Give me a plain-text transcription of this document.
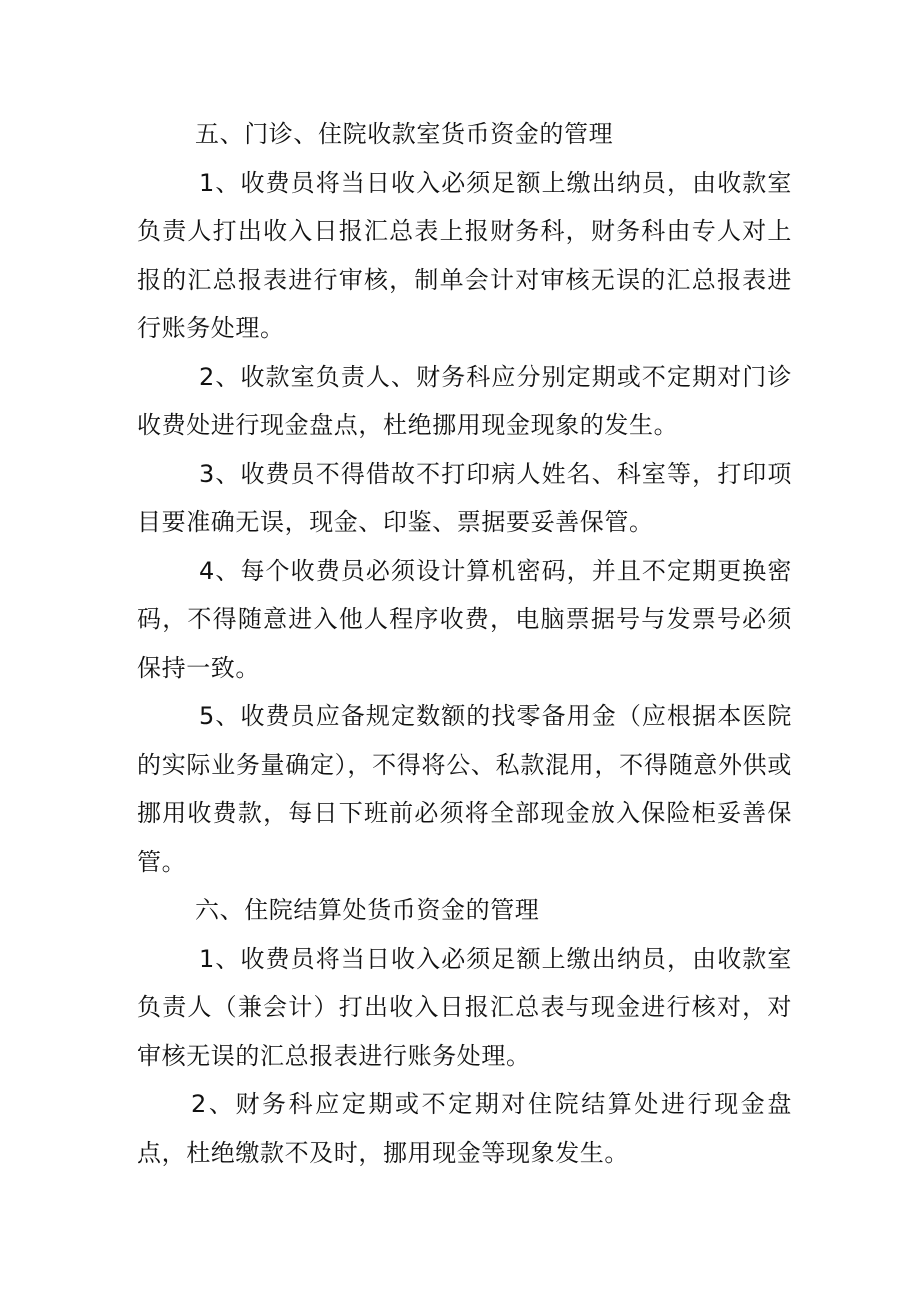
五、门诊、住院收款室货币资金的管理

1、收费员将当日收入必须足额上缴出纳员，由收款室负责人打出收入日报汇总表上报财务科，财务科由专人对上报的汇总报表进行审核，制单会计对审核无误的汇总报表进行账务处理。

2、收款室负责人、财务科应分别定期或不定期对门诊收费处进行现金盘点，杜绝挪用现金现象的发生。

3、收费员不得借故不打印病人姓名、科室等，打印项目要准确无误，现金、印鉴、票据要妥善保管。

4、每个收费员必须设计算机密码，并且不定期更换密码，不得随意进入他人程序收费，电脑票据号与发票号必须保持一致。

5、收费员应备规定数额的找零备用金（应根据本医院的实际业务量确定），不得将公、私款混用，不得随意外供或挪用收费款，每日下班前必须将全部现金放入保险柜妥善保管。

六、住院结算处货币资金的管理

1、收费员将当日收入必须足额上缴出纳员，由收款室负责人（兼会计）打出收入日报汇总表与现金进行核对，对审核无误的汇总报表进行账务处理。

2、财务科应定期或不定期对住院结算处进行现金盘点，杜绝缴款不及时，挪用现金等现象发生。
